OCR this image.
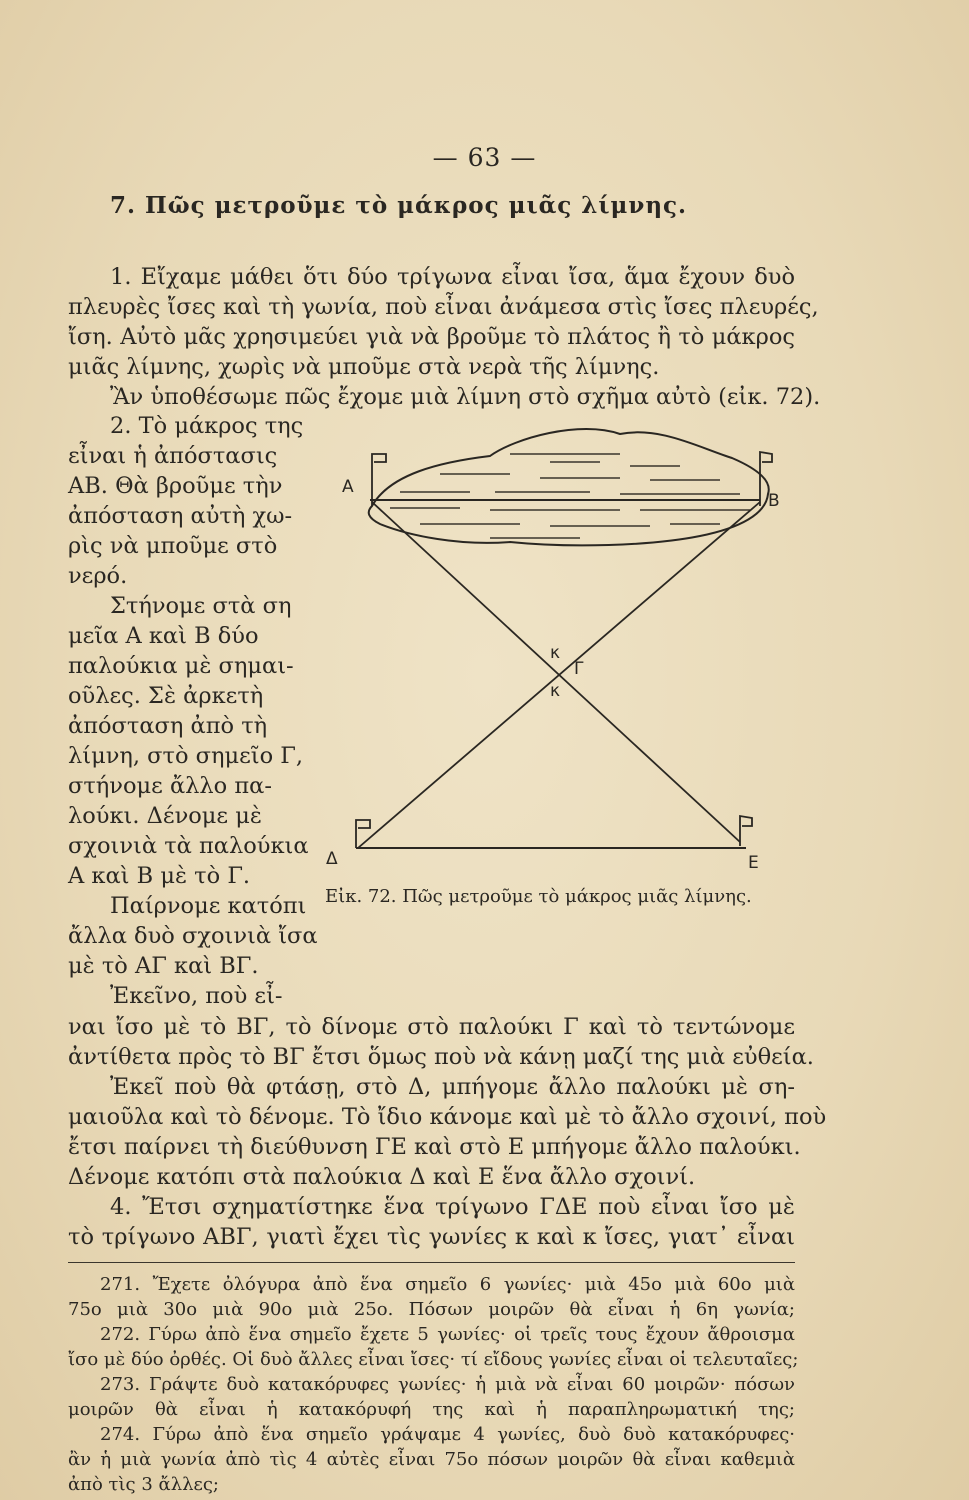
— 63 —
7. Πῶς μετροῦμε τὸ μάκρος μιᾶς λίμνης.
1. Εἴχαμε μάθει ὅτι δύο τρίγωνα εἶναι ἴσα, ἅμα ἔχουν δυὸ
πλευρὲς ἴσες καὶ τὴ γωνία, ποὺ εἶναι ἀνάμεσα στὶς ἴσες πλευρές,
ἴση. Αὐτὸ μᾶς χρησιμεύει γιὰ νὰ βροῦμε τὸ πλάτος ἢ τὸ μάκρος
μιᾶς λίμνης, χωρὶς νὰ μποῦμε στὰ νερὰ τῆς λίμνης.
Ἂν ὑποθέσωμε πῶς ἔχομε μιὰ λίμνη στὸ σχῆμα αὐτὸ (εἰκ. 72).
2. Τὸ μάκρος της
εἶναι ἡ ἀπόστασις
ΑΒ. Θὰ βροῦμε τὴν
ἀπόσταση αὐτὴ χω-
ρὶς νὰ μποῦμε στὸ
νερό.
Στήνομε στὰ ση
μεῖα Α καὶ Β δύο
παλούκια μὲ σημαι-
οῦλες. Σὲ ἀρκετὴ
ἀπόσταση ἀπὸ τὴ
λίμνη, στὸ σημεῖο Γ,
στήνομε ἄλλο πα-
λούκι. Δένομε μὲ
σχοινιὰ τὰ παλούκια
Α καὶ Β μὲ τὸ Γ.
Παίρνομε κατόπι
ἄλλα δυὸ σχοινιὰ ἴσα
μὲ τὸ ΑΓ καὶ ΒΓ.
Ἐκεῖνο, ποὺ εἶ-
Α
Β
Γ
Δ	Ε
κ
κ
Εἰκ. 72. Πῶς μετροῦμε τὸ μάκρος μιᾶς λίμνης.
ναι ἴσο μὲ τὸ ΒΓ, τὸ δίνομε στὸ παλούκι Γ καὶ τὸ τεντώνομε
ἀντίθετα πρὸς τὸ ΒΓ ἔτσι ὅμως ποὺ νὰ κάνῃ μαζί της μιὰ εὐθεία.
Ἐκεῖ ποὺ θὰ φτάσῃ, στὸ Δ, μπήγομε ἄλλο παλούκι μὲ ση-
μαιοῦλα καὶ τὸ δένομε. Τὸ ἴδιο κάνομε καὶ μὲ τὸ ἄλλο σχοινί, ποὺ
ἔτσι παίρνει τὴ διεύθυνση ΓΕ καὶ στὸ Ε μπήγομε ἄλλο παλούκι.
Δένομε κατόπι στὰ παλούκια Δ καὶ Ε ἕνα ἄλλο σχοινί.
4. Ἔτσι σχηματίστηκε ἕνα τρίγωνο ΓΔΕ ποὺ εἶναι ἴσο μὲ
τὸ τρίγωνο ΑΒΓ, γιατὶ ἔχει τὶς γωνίες κ καὶ κ ἴσες, γιατ᾽ εἶναι
271. Ἔχετε ὀλόγυρα ἀπὸ ἕνα σημεῖο 6 γωνίες· μιὰ 45ο μιὰ 60ο μιὰ
75ο μιὰ 30ο μιὰ 90ο μιὰ 25ο. Πόσων μοιρῶν θὰ εἶναι ἡ 6η γωνία;
272. Γύρω ἀπὸ ἕνα σημεῖο ἔχετε 5 γωνίες· οἱ τρεῖς τους ἔχουν ἄθροισμα
ἴσο μὲ δύο ὀρθές. Οἱ δυὸ ἄλλες εἶναι ἴσες· τί εἴδους γωνίες εἶναι οἱ τελευταῖες;
273. Γράψτε δυὸ κατακόρυφες γωνίες· ἡ μιὰ νὰ εἶναι 60 μοιρῶν· πόσων
μοιρῶν θὰ εἶναι ἡ κατακόρυφή της καὶ ἡ παραπληρωματική της;
274. Γύρω ἀπὸ ἕνα σημεῖο γράψαμε 4 γωνίες, δυὸ δυὸ κατακόρυφες·
ἂν ἡ μιὰ γωνία ἀπὸ τὶς 4 αὐτὲς εἶναι 75ο πόσων μοιρῶν θὰ εἶναι καθεμιὰ
ἀπὸ τὶς 3 ἄλλες;
